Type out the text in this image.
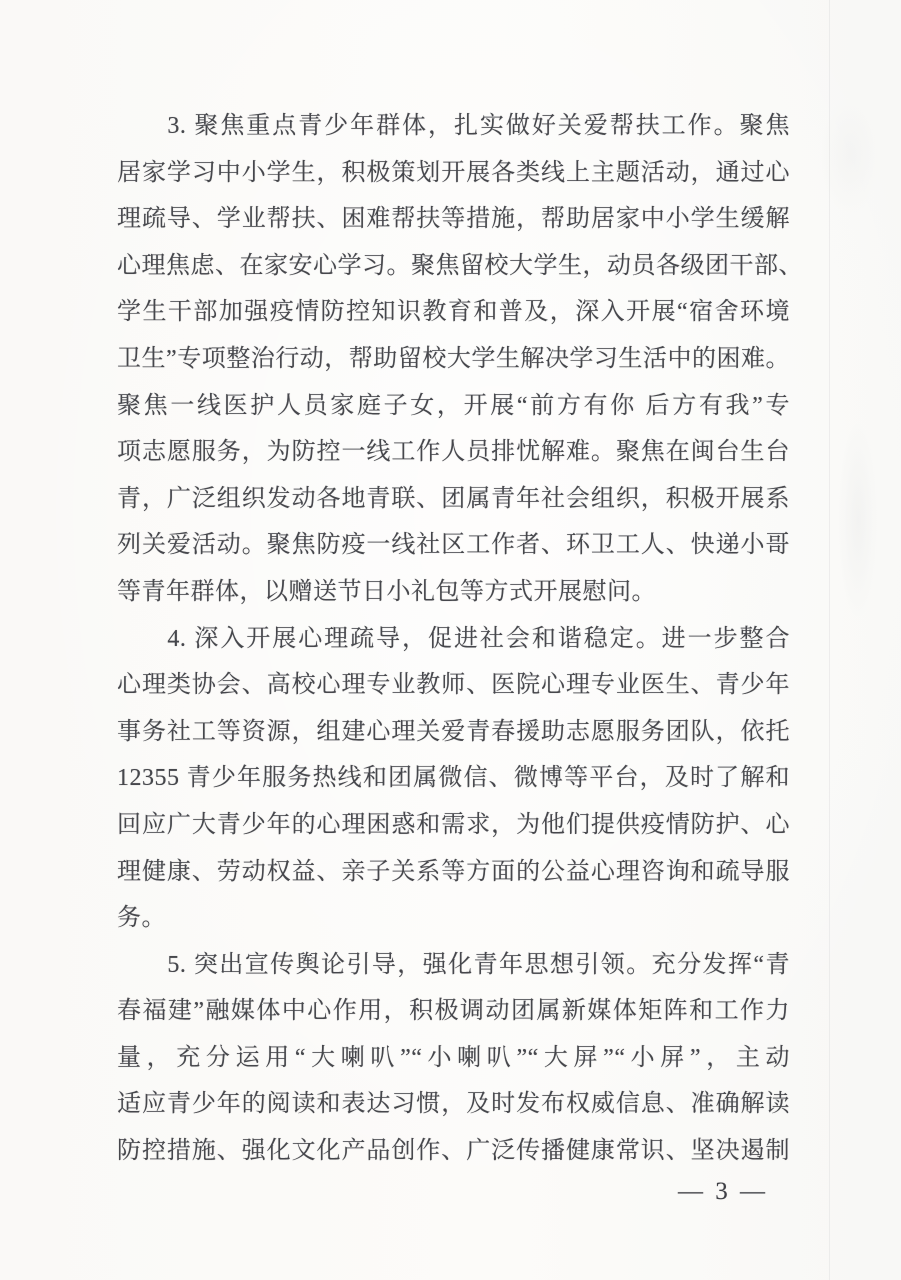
3. 聚焦重点青少年群体，扎实做好关爱帮扶工作。聚焦
居家学习中小学生，积极策划开展各类线上主题活动，通过心
理疏导、学业帮扶、困难帮扶等措施，帮助居家中小学生缓解
心理焦虑、在家安心学习。聚焦留校大学生，动员各级团干部、
学生干部加强疫情防控知识教育和普及，深入开展“宿舍环境
卫生”专项整治行动，帮助留校大学生解决学习生活中的困难。
聚焦一线医护人员家庭子女，开展“前方有你 后方有我”专
项志愿服务，为防控一线工作人员排忧解难。聚焦在闽台生台
青，广泛组织发动各地青联、团属青年社会组织，积极开展系
列关爱活动。聚焦防疫一线社区工作者、环卫工人、快递小哥
等青年群体，以赠送节日小礼包等方式开展慰问。
4. 深入开展心理疏导，促进社会和谐稳定。进一步整合
心理类协会、高校心理专业教师、医院心理专业医生、青少年
事务社工等资源，组建心理关爱青春援助志愿服务团队，依托
12355 青少年服务热线和团属微信、微博等平台，及时了解和
回应广大青少年的心理困惑和需求，为他们提供疫情防护、心
理健康、劳动权益、亲子关系等方面的公益心理咨询和疏导服
务。
5. 突出宣传舆论引导，强化青年思想引领。充分发挥“青
春福建”融媒体中心作用，积极调动团属新媒体矩阵和工作力
量，充分运用“大喇叭”“小喇叭”“大屏”“小屏”，主动
适应青少年的阅读和表达习惯，及时发布权威信息、准确解读
防控措施、强化文化产品创作、广泛传播健康常识、坚决遏制
— 3 —
